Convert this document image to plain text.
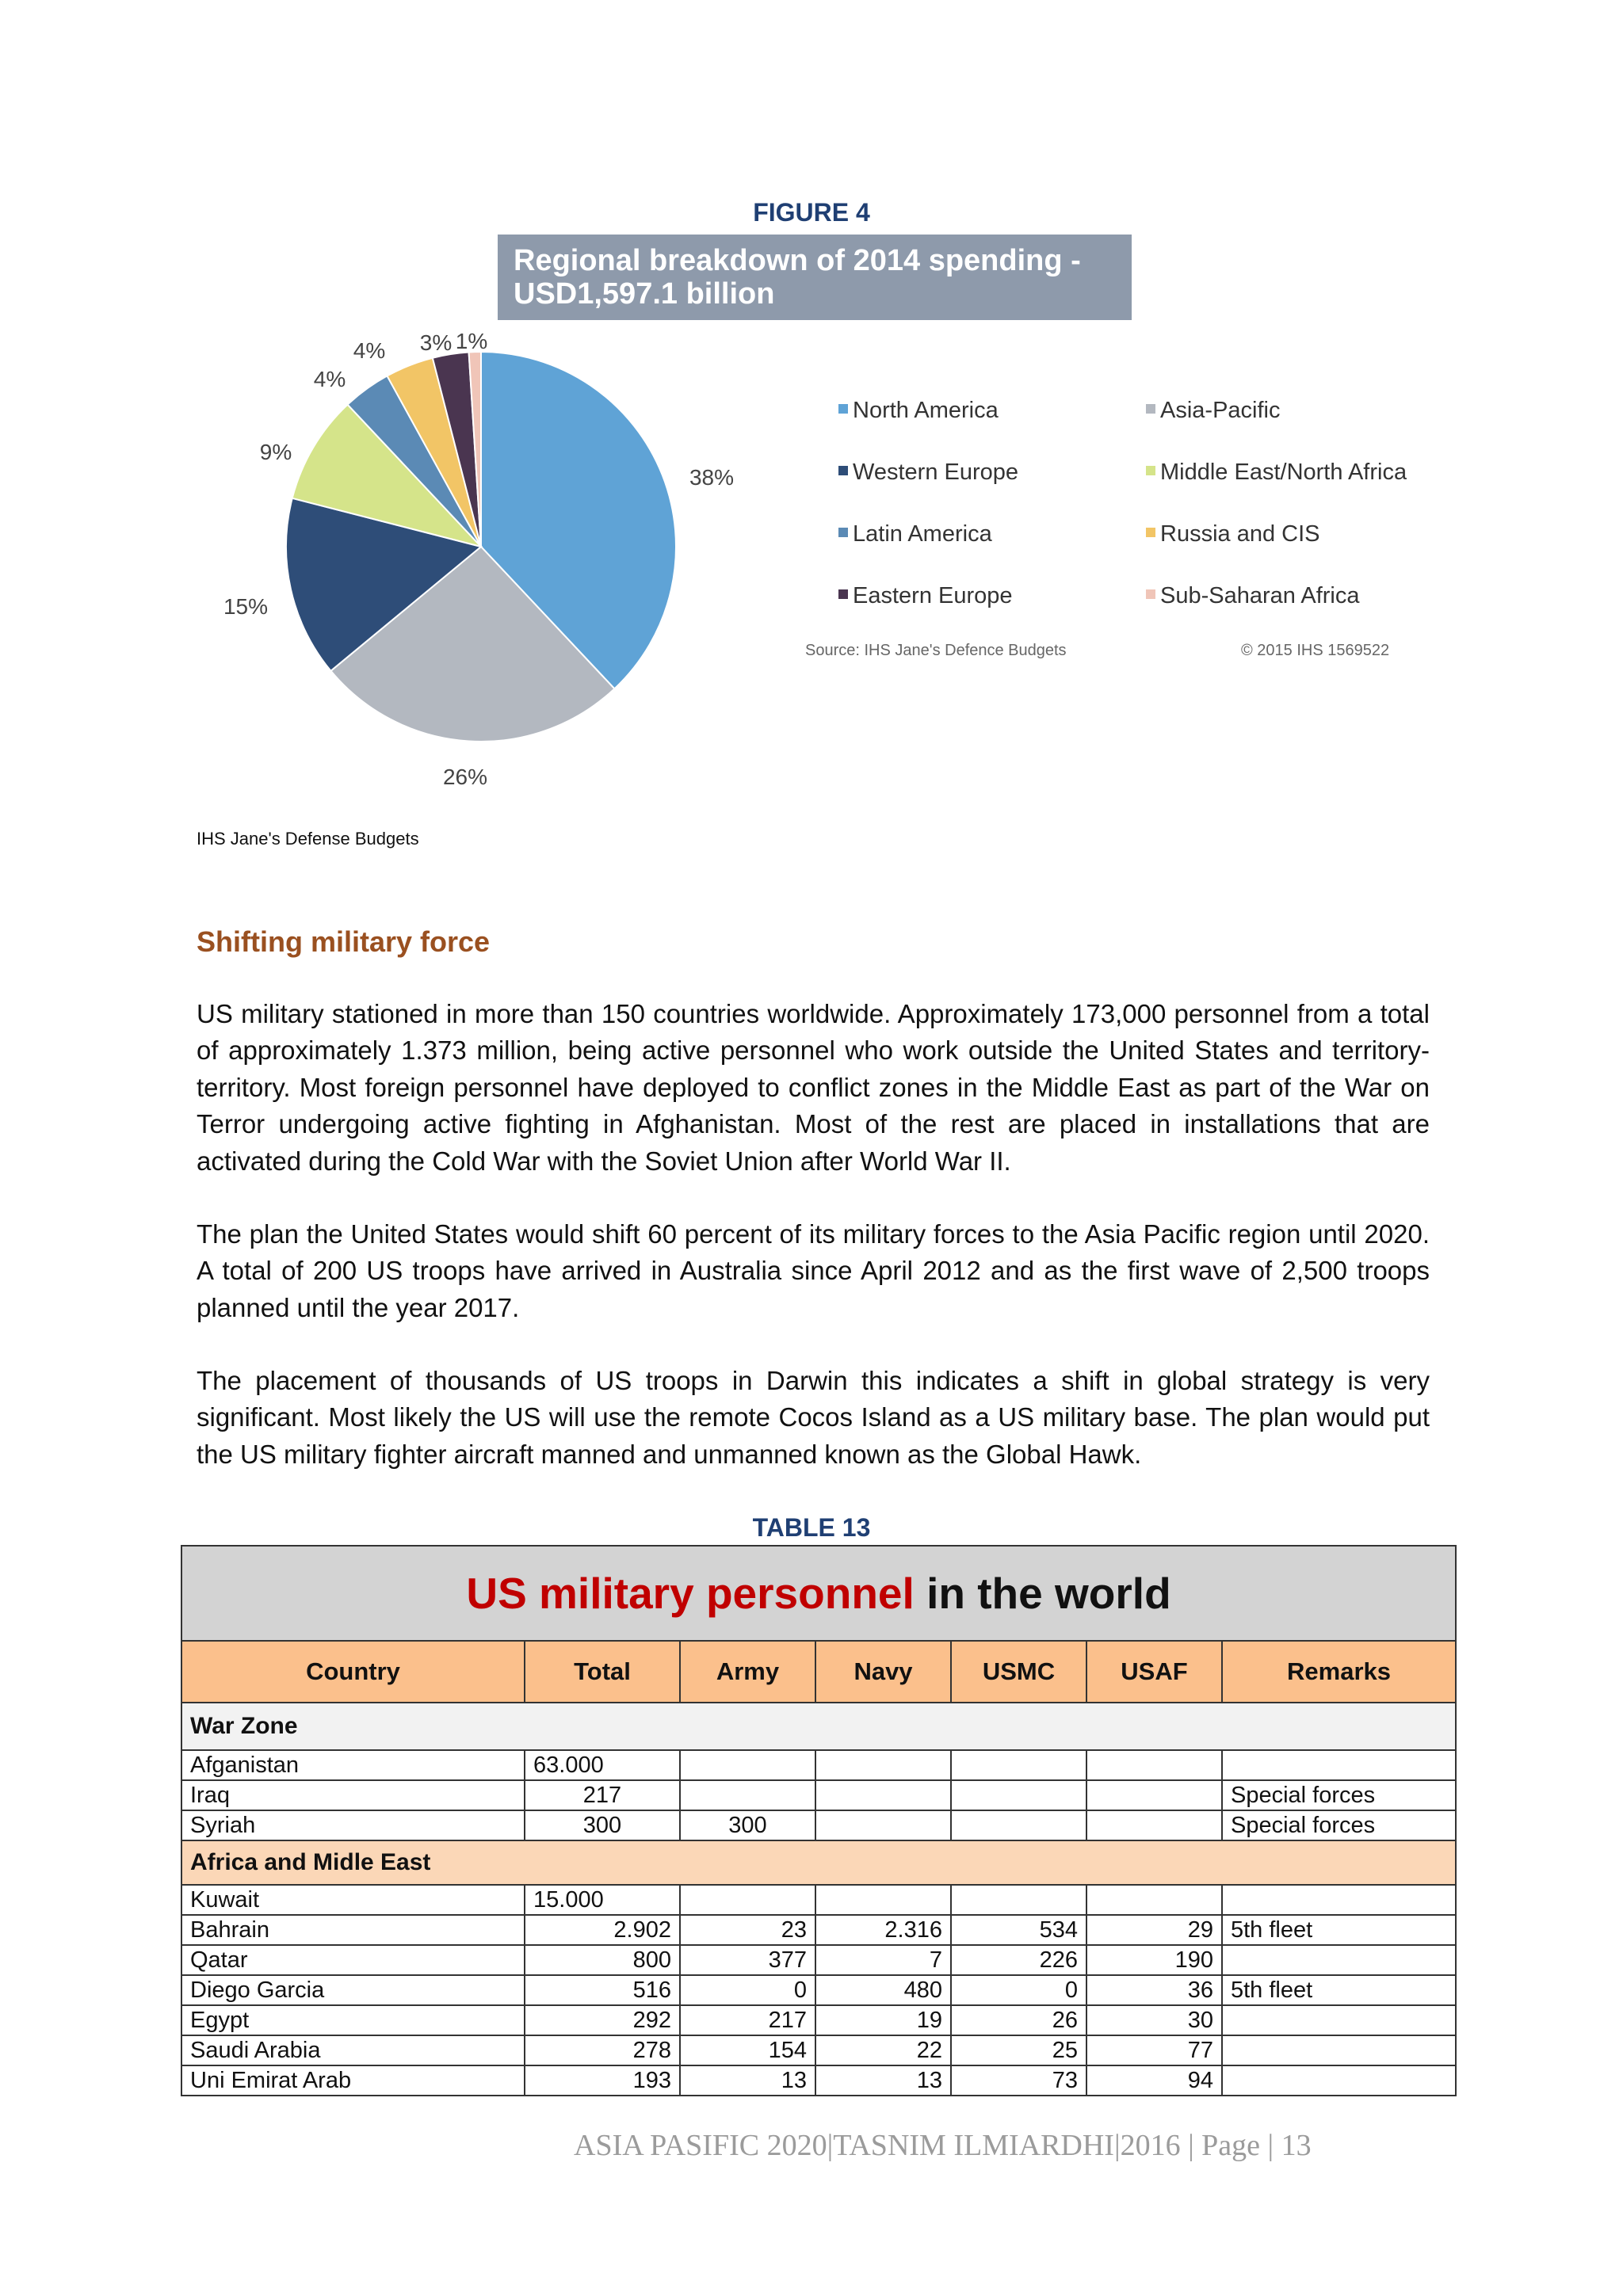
FIGURE 4
Regional breakdown of 2014 spending -
USD1,597.1 billion
38%
26%
15%
9%
4%
4% 3% 1%
North America	Asia-Pacific
Western Europe	Middle East/North Africa
Latin America	Russia and CIS
Eastern Europe	Sub-Saharan Africa
Source: IHS Jane's Defence Budgets	© 2015 IHS 1569522
IHS Jane's Defense Budgets
Shifting military force

US military stationed in more than 150 countries worldwide. Approximately 173,000 personnel from a total of approximately 1.373 million, being active personnel who work outside the United States and territory-territory. Most foreign personnel have deployed to conflict zones in the Middle East as part of the War on Terror undergoing active fighting in Afghanistan. Most of the rest are placed in installations that are activated during the Cold War with the Soviet Union after World War II.

The plan the United States would shift 60 percent of its military forces to the Asia Pacific region until 2020. A total of 200 US troops have arrived in Australia since April 2012 and as the first wave of 2,500 troops planned until the year 2017.

The placement of thousands of US troops in Darwin this indicates a shift in global strategy is very significant. Most likely the US will use the remote Cocos Island as a US military base. The plan would put the US military fighter aircraft manned and unmanned known as the Global Hawk.

TABLE 13
US military personnel in the world						
Country	Total	Army	Navy	USMC	USAF	Remarks
War Zone						
Afganistan	63.000					
Iraq	217					Special forces
Syriah	300	300				Special forces
Africa and Midle East						
Kuwait	15.000					
Bahrain	2.902	23	2.316	534	29	5th fleet
Qatar	800	377	7	226	190	
Diego Garcia	516	0	480	0	36	5th fleet
Egypt	292	217	19	26	30	
Saudi Arabia	278	154	22	25	77	
Uni Emirat Arab	193	13	13	73	94	
ASIA PASIFIC 2020|TASNIM ILMIARDHI|2016 | Page | 13
